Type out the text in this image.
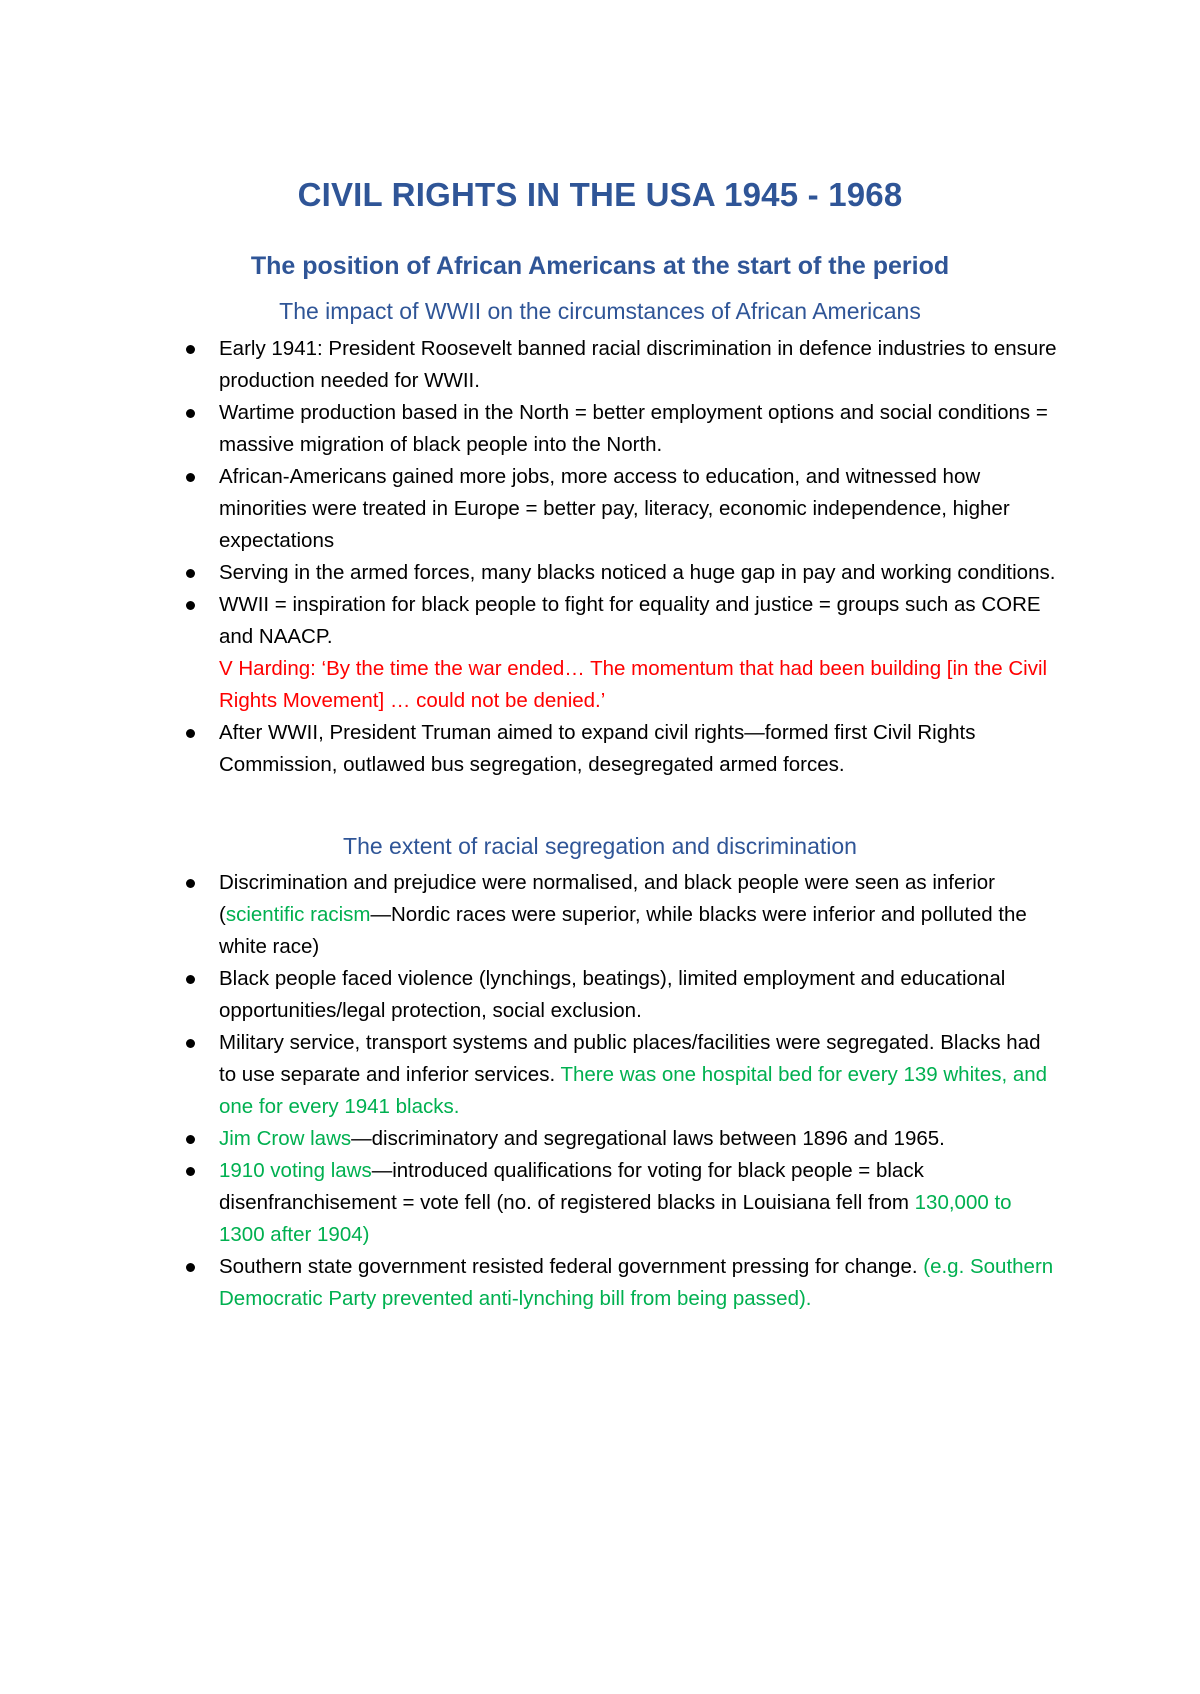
CIVIL RIGHTS IN THE USA 1945 - 1968
The position of African Americans at the start of the period
The impact of WWII on the circumstances of African Americans
Early 1941: President Roosevelt banned racial discrimination in defence industries to ensure production needed for WWII.
Wartime production based in the North = better employment options and social conditions = massive migration of black people into the North.
African-Americans gained more jobs, more access to education, and witnessed how minorities were treated in Europe = better pay, literacy, economic independence, higher expectations
Serving in the armed forces, many blacks noticed a huge gap in pay and working conditions.
WWII = inspiration for black people to fight for equality and justice = groups such as CORE and NAACP.
V Harding: ‘By the time the war ended… The momentum that had been building [in the Civil Rights Movement] … could not be denied.’
After WWII, President Truman aimed to expand civil rights—formed first Civil Rights Commission, outlawed bus segregation, desegregated armed forces.
The extent of racial segregation and discrimination
Discrimination and prejudice were normalised, and black people were seen as inferior (scientific racism—Nordic races were superior, while blacks were inferior and polluted the white race)
Black people faced violence (lynchings, beatings), limited employment and educational opportunities/legal protection, social exclusion.
Military service, transport systems and public places/facilities were segregated. Blacks had to use separate and inferior services. There was one hospital bed for every 139 whites, and one for every 1941 blacks.
Jim Crow laws—discriminatory and segregational laws between 1896 and 1965.
1910 voting laws—introduced qualifications for voting for black people = black disenfranchisement = vote fell (no. of registered blacks in Louisiana fell from 130,000 to 1300 after 1904)
Southern state government resisted federal government pressing for change. (e.g. Southern Democratic Party prevented anti-lynching bill from being passed).
